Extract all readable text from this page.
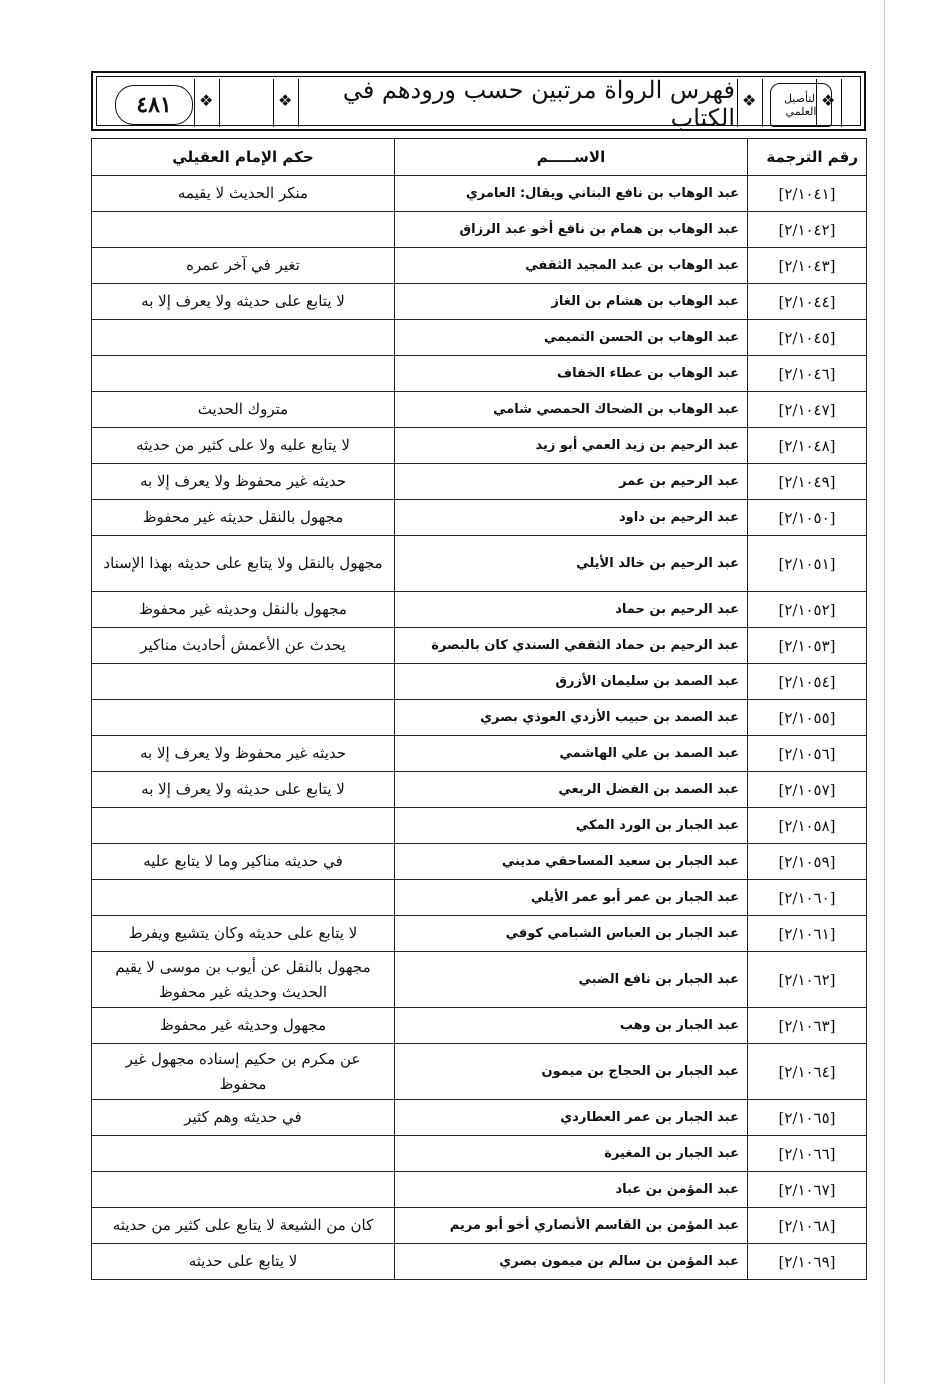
٤٨١
❖
❖
فهرس الرواة مرتبين حسب ورودهم في الكتاب
❖
التأصيل العلمي
❖
رقم الترجمة	الاســـــم	حكم الإمام العقيلي
[٢/١٠٤١]	عبد الوهاب بن نافع البناني ويقال: العامري	منكر الحديث لا يقيمه
[٢/١٠٤٢]	عبد الوهاب بن همام بن نافع أخو عبد الرزاق	
[٢/١٠٤٣]	عبد الوهاب بن عبد المجيد الثقفي	تغير في آخر عمره
[٢/١٠٤٤]	عبد الوهاب بن هشام بن الغاز	لا يتابع على حديثه ولا يعرف إلا به
[٢/١٠٤٥]	عبد الوهاب بن الحسن التميمي	
[٢/١٠٤٦]	عبد الوهاب بن عطاء الخفاف	
[٢/١٠٤٧]	عبد الوهاب بن الضحاك الحمصي شامي	متروك الحديث
[٢/١٠٤٨]	عبد الرحيم بن زيد العمي أبو زيد	لا يتابع عليه ولا على كثير من حديثه
[٢/١٠٤٩]	عبد الرحيم بن عمر	حديثه غير محفوظ ولا يعرف إلا به
[٢/١٠٥٠]	عبد الرحيم بن داود	مجهول بالنقل حديثه غير محفوظ
[٢/١٠٥١]	عبد الرحيم بن خالد الأيلي	مجهول بالنقل ولا يتابع على حديثه بهذا الإسناد
[٢/١٠٥٢]	عبد الرحيم بن حماد	مجهول بالنقل وحديثه غير محفوظ
[٢/١٠٥٣]	عبد الرحيم بن حماد الثقفي السندي كان بالبصرة	يحدث عن الأعمش أحاديث مناكير
[٢/١٠٥٤]	عبد الصمد بن سليمان الأزرق	
[٢/١٠٥٥]	عبد الصمد بن حبيب الأزدي العوذي بصري	
[٢/١٠٥٦]	عبد الصمد بن علي الهاشمي	حديثه غير محفوظ ولا يعرف إلا به
[٢/١٠٥٧]	عبد الصمد بن الفضل الربعي	لا يتابع على حديثه ولا يعرف إلا به
[٢/١٠٥٨]	عبد الجبار بن الورد المكي	
[٢/١٠٥٩]	عبد الجبار بن سعيد المساحقي مديني	في حديثه مناكير وما لا يتابع عليه
[٢/١٠٦٠]	عبد الجبار بن عمر أبو عمر الأيلي	
[٢/١٠٦١]	عبد الجبار بن العباس الشبامي كوفي	لا يتابع على حديثه وكان يتشيع ويفرط
[٢/١٠٦٢]	عبد الجبار بن نافع الضبي	مجهول بالنقل عن أيوب بن موسى لا يقيم الحديث وحديثه غير محفوظ
[٢/١٠٦٣]	عبد الجبار بن وهب	مجهول وحديثه غير محفوظ
[٢/١٠٦٤]	عبد الجبار بن الحجاج بن ميمون	عن مكرم بن حكيم إسناده مجهول غير محفوظ
[٢/١٠٦٥]	عبد الجبار بن عمر العطاردي	في حديثه وهم كثير
[٢/١٠٦٦]	عبد الجبار بن المغيرة	
[٢/١٠٦٧]	عبد المؤمن بن عباد	
[٢/١٠٦٨]	عبد المؤمن بن القاسم الأنصاري أخو أبو مريم	كان من الشيعة لا يتابع على كثير من حديثه
[٢/١٠٦٩]	عبد المؤمن بن سالم بن ميمون بصري	لا يتابع على حديثه
